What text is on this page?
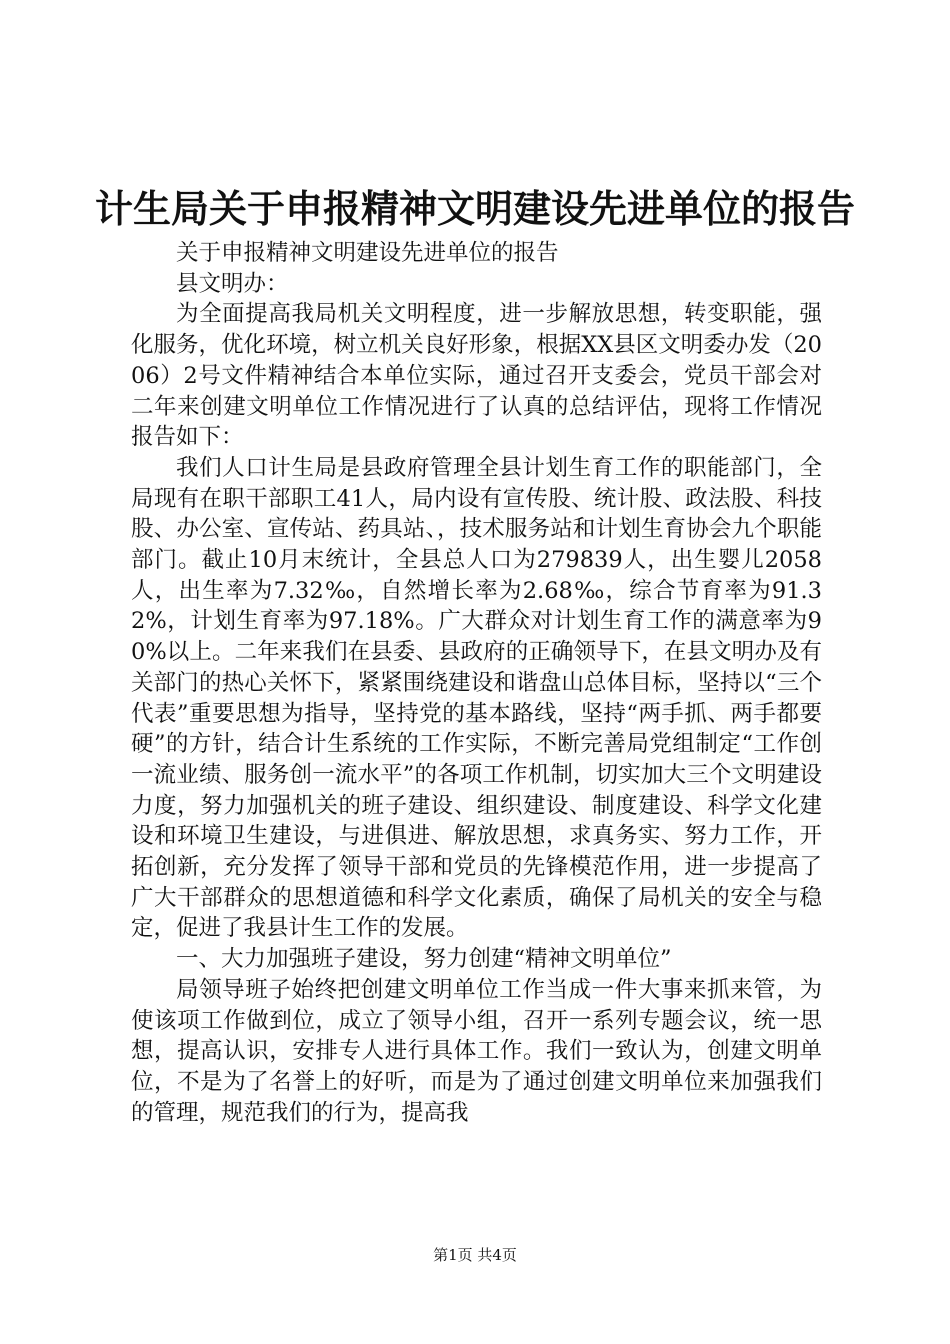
计生局关于申报精神文明建设先进单位的报告

关于申报精神文明建设先进单位的报告

县文明办：

为全面提高我局机关文明程度，进一步解放思想，转变职能，强化服务，优化环境，树立机关良好形象，根据XX县区文明委办发（2006）2号文件精神结合本单位实际，通过召开支委会，党员干部会对二年来创建文明单位工作情况进行了认真的总结评估，现将工作情况报告如下：

我们人口计生局是县政府管理全县计划生育工作的职能部门，全局现有在职干部职工41人，局内设有宣传股、统计股、政法股、科技股、办公室、宣传站、药具站、，技术服务站和计划生育协会九个职能部门。截止10月末统计，全县总人口为279839人，出生婴儿2058人，出生率为7.32‰，自然增长率为2.68‰，综合节育率为91.32%，计划生育率为97.18%。广大群众对计划生育工作的满意率为90%以上。二年来我们在县委、县政府的正确领导下，在县文明办及有关部门的热心关怀下，紧紧围绕建设和谐盘山总体目标，坚持以“三个代表”重要思想为指导，坚持党的基本路线，坚持“两手抓、两手都要硬”的方针，结合计生系统的工作实际，不断完善局党组制定“工作创一流业绩、服务创一流水平”的各项工作机制，切实加大三个文明建设力度，努力加强机关的班子建设、组织建设、制度建设、科学文化建设和环境卫生建设，与进俱进、解放思想，求真务实、努力工作，开拓创新，充分发挥了领导干部和党员的先锋模范作用，进一步提高了广大干部群众的思想道德和科学文化素质，确保了局机关的安全与稳定，促进了我县计生工作的发展。

一、大力加强班子建设，努力创建“精神文明单位”

局领导班子始终把创建文明单位工作当成一件大事来抓来管，为使该项工作做到位，成立了领导小组，召开一系列专题会议，统一思想，提高认识，安排专人进行具体工作。我们一致认为，创建文明单位，不是为了名誉上的好听，而是为了通过创建文明单位来加强我们的管理，规范我们的行为，提高我

第1页 共4页
